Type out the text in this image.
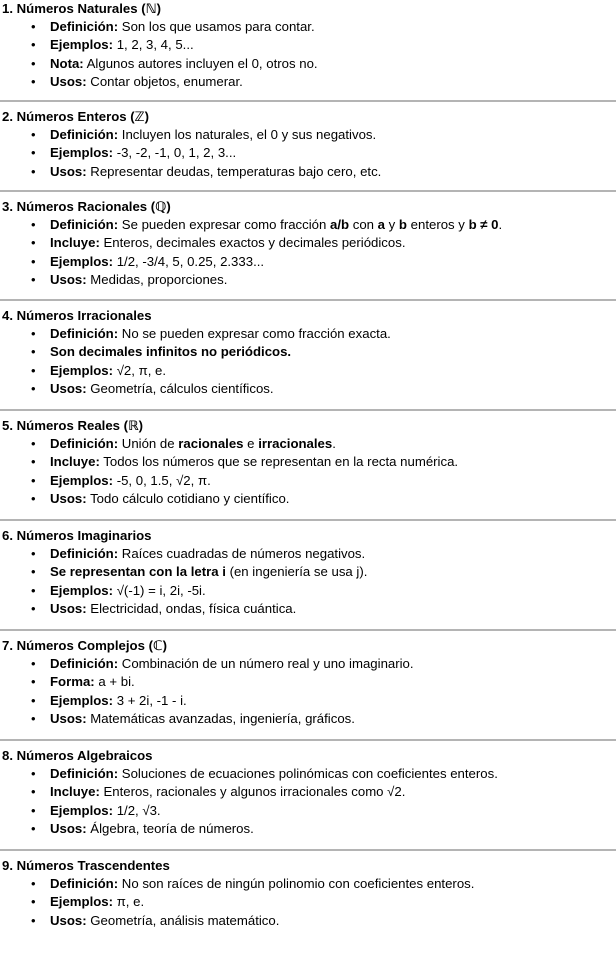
1. Números Naturales (ℕ)
• Definición: Son los que usamos para contar.
• Ejemplos: 1, 2, 3, 4, 5...
• Nota: Algunos autores incluyen el 0, otros no.
• Usos: Contar objetos, enumerar.
2. Números Enteros (ℤ)
• Definición: Incluyen los naturales, el 0 y sus negativos.
• Ejemplos: -3, -2, -1, 0, 1, 2, 3...
• Usos: Representar deudas, temperaturas bajo cero, etc.
3. Números Racionales (ℚ)
• Definición: Se pueden expresar como fracción a/b con a y b enteros y b ≠ 0.
• Incluye: Enteros, decimales exactos y decimales periódicos.
• Ejemplos: 1/2, -3/4, 5, 0.25, 2.333...
• Usos: Medidas, proporciones.
4. Números Irracionales
• Definición: No se pueden expresar como fracción exacta.
• Son decimales infinitos no periódicos.
• Ejemplos: √2, π, e.
• Usos: Geometría, cálculos científicos.
5. Números Reales (ℝ)
• Definición: Unión de racionales e irracionales.
• Incluye: Todos los números que se representan en la recta numérica.
• Ejemplos: -5, 0, 1.5, √2, π.
• Usos: Todo cálculo cotidiano y científico.
6. Números Imaginarios
• Definición: Raíces cuadradas de números negativos.
• Se representan con la letra i (en ingeniería se usa j).
• Ejemplos: √(-1) = i, 2i, -5i.
• Usos: Electricidad, ondas, física cuántica.
7. Números Complejos (ℂ)
• Definición: Combinación de un número real y uno imaginario.
• Forma: a + bi.
• Ejemplos: 3 + 2i, -1 - i.
• Usos: Matemáticas avanzadas, ingeniería, gráficos.
8. Números Algebraicos
• Definición: Soluciones de ecuaciones polinómicas con coeficientes enteros.
• Incluye: Enteros, racionales y algunos irracionales como √2.
• Ejemplos: 1/2, √3.
• Usos: Álgebra, teoría de números.
9. Números Trascendentes
• Definición: No son raíces de ningún polinomio con coeficientes enteros.
• Ejemplos: π, e.
• Usos: Geometría, análisis matemático.
